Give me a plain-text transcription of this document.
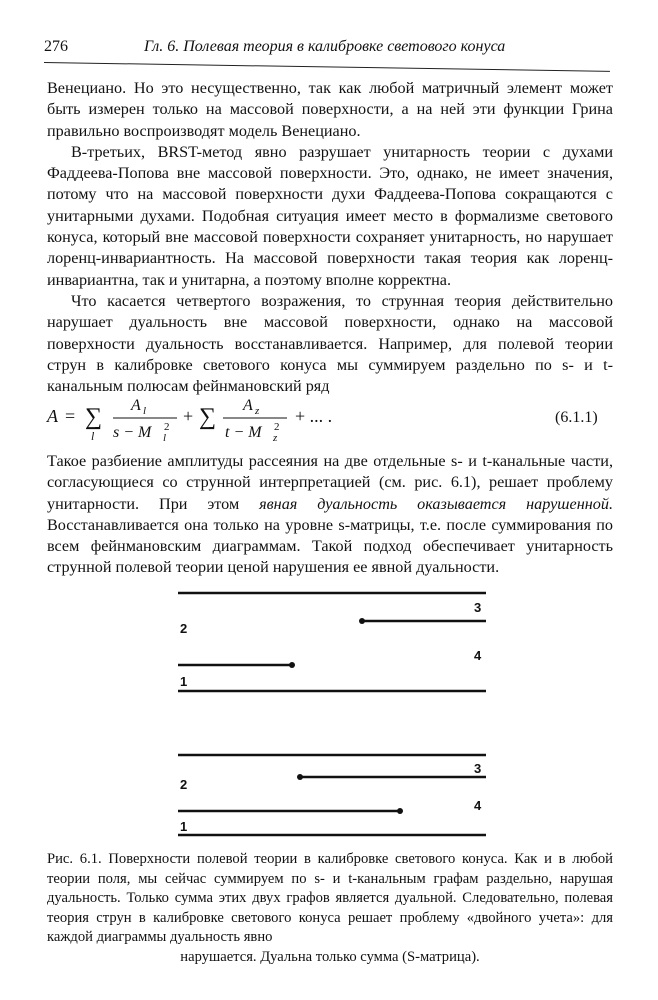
276	Гл. 6. Полевая теория в калибровке светового конуса

Венециано. Но это несущественно, так как любой матричный элемент может быть измерен только на массовой поверхности, а на ней эти функции Грина правильно воспроизводят модель Венециано.

В-третьих, BRST-метод явно разрушает унитарность теории с духами Фаддеева-Попова вне массовой поверхности. Это, однако, не имеет значения, потому что на массовой поверхности духи Фаддеева-Попова сокращаются с унитарными духами. Подобная ситуация имеет место в формализме светового конуса, который вне массовой поверхности сохраняет унитарность, но нарушает лоренц-инвариантность. На массовой поверхности такая теория как лоренц-инвариантна, так и унитарна, а поэтому вполне корректна.

Что касается четвертого возражения, то струнная теория действительно нарушает дуальность вне массовой поверхности, однако на массовой поверхности дуальность восстанавливается. Например, для полевой теории струн в калибровке светового конуса мы суммируем раздельно по s- и t-канальным полюсам фейнмановский ряд

A = ∑
l
A l
s − M l
2
+ ∑ A z
t − M z
2
+ ... .	(6.1.1)

Такое разбиение амплитуды рассеяния на две отдельные s- и t-канальные части, согласующиеся со струнной интерпретацией (см. рис. 6.1), решает проблему унитарности. При этом явная дуальность оказывается нарушенной. Восстанавливается она только на уровне s-матрицы, т.е. после суммирования по всем фейнмановским диаграммам. Такой подход обеспечивает унитарность струнной полевой теории ценой нарушения ее явной дуальности.

3
2
4
1
3
2
4
1

Рис. 6.1. Поверхности полевой теории в калибровке светового конуса. Как и в любой теории поля, мы сейчас суммируем по s- и t-канальным графам раздельно, нарушая дуальность. Только сумма этих двух графов является дуальной. Следовательно, полевая теория струн в калибровке светового конуса решает проблему «двойного учета»: для каждой диаграммы дуальность явно

нарушается. Дуальна только сумма (S-матрица).
